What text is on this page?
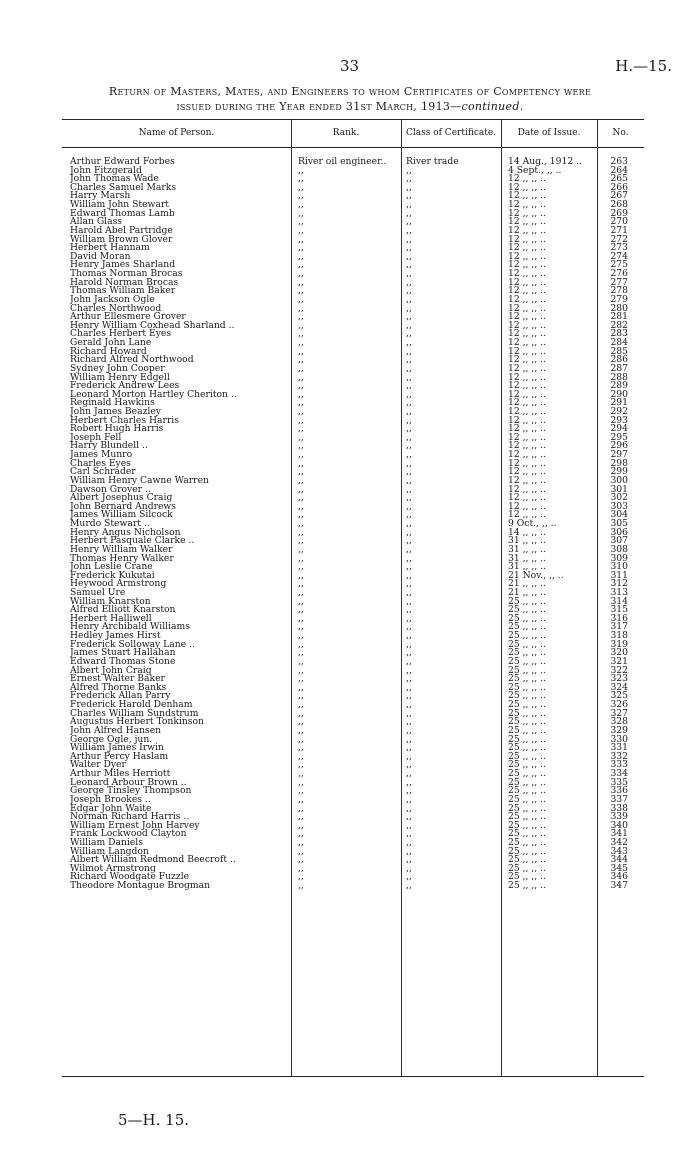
33	H.—15.
Return of Masters, Mates, and Engineers to whom Certificates of Competency were
issued during the Year ended 31st March, 1913—continued.
Name of Person.	Rank.	Class of Certificate.	Date of Issue.	No.
Arthur Edward Forbes	River oil engineer..	River trade	14 Aug., 1912 ..	263
John Fitzgerald	,,	,,	4 Sept., ,, ..	264
John Thomas Wade	,,	,,	12 ,, ,, ..	265
Charles Samuel Marks	,,	,,	12 ,, ,, ..	266
Harry Marsh	,,	,,	12 ,, ,, ..	267
William John Stewart	,,	,,	12 ,, ,, ..	268
Edward Thomas Lamb	,,	,,	12 ,, ,, ..	269
Allan Glass	,,	,,	12 ,, ,, ..	270
Harold Abel Partridge	,,	,,	12 ,, ,, ..	271
William Brown Glover	,,	,,	12 ,, ,, ..	272
Herbert Hannam	,,	,,	12 ,, ,, ..	273
David Moran	,,	,,	12 ,, ,, ..	274
Henry James Sharland	,,	,,	12 ,, ,, ..	275
Thomas Norman Brocas	,,	,,	12 ,, ,, ..	276
Harold Norman Brocas	,,	,,	12 ,, ,, ..	277
Thomas William Baker	,,	,,	12 ,, ,, ..	278
John Jackson Ogle	,,	,,	12 ,, ,, ..	279
Charles Northwood	,,	,,	12 ,, ,, ..	280
Arthur Ellesmere Grover	,,	,,	12 ,, ,, ..	281
Henry William Coxhead Sharland ..	,,	,,	12 ,, ,, ..	282
Charles Herbert Eyes	,,	,,	12 ,, ,, ..	283
Gerald John Lane	,,	,,	12 ,, ,, ..	284
Richard Howard	,,	,,	12 ,, ,, ..	285
Richard Alfred Northwood	,,	,,	12 ,, ,, ..	286
Sydney John Cooper	,,	,,	12 ,, ,, ..	287
William Henry Edgell	,,	,,	12 ,, ,, ..	288
Frederick Andrew Lees	,,	,,	12 ,, ,, ..	289
Leonard Morton Hartley Cheriton ..	,,	,,	12 ,, ,, ..	290
Reginald Hawkins	,,	,,	12 ,, ,, ..	291
John James Beazley	,,	,,	12 ,, ,, ..	292
Herbert Charles Harris	,,	,,	12 ,, ,, ..	293
Robert Hugh Harris	,,	,,	12 ,, ,, ..	294
Joseph Fell	,,	,,	12 ,, ,, ..	295
Harry Blundell ..	,,	,,	12 ,, ,, ..	296
James Munro	,,	,,	12 ,, ,, ..	297
Charles Eyes	,,	,,	12 ,, ,, ..	298
Carl Schrader	,,	,,	12 ,, ,, ..	299
William Henry Cawne Warren	,,	,,	12 ,, ,, ..	300
Dawson Grover ..	,,	,,	12 ,, ,, ..	301
Albert Josephus Craig	,,	,,	12 ,, ,, ..	302
John Bernard Andrews	,,	,,	12 ,, ,, ..	303
James William Silcock	,,	,,	12 ,, ,, ..	304
Murdo Stewart ..	,,	,,	9 Oct., ,, ..	305
Henry Angus Nicholson	,,	,,	14 ,, ,, ..	306
Herbert Pasquale Clarke ..	,,	,,	31 ,, ,, ..	307
Henry William Walker	,,	,,	31 ,, ,, ..	308
Thomas Henry Walker	,,	,,	31 ,, ,, ..	309
John Leslie Crane	,,	,,	31 ,, ,, ..	310
Frederick Kukutai	,,	,,	21 Nov., ,, ..	311
Heywood Armstrong	,,	,,	21 ,, ,, ..	312
Samuel Ure	,,	,,	21 ,, ,, ..	313
William Knarston	,,	,,	25 ,, ,, ..	314
Alfred Elliott Knarston	,,	,,	25 ,, ,, ..	315
Herbert Halliwell	,,	,,	25 ,, ,, ..	316
Henry Archibald Williams	,,	,,	25 ,, ,, ..	317
Hedley James Hirst	,,	,,	25 ,, ,, ..	318
Frederick Solloway Lane ..	,,	,,	25 ,, ,, ..	319
James Stuart Hallahan	,,	,,	25 ,, ,, ..	320
Edward Thomas Stone	,,	,,	25 ,, ,, ..	321
Albert John Craig	,,	,,	25 ,, ,, ..	322
Ernest Walter Baker	,,	,,	25 ,, ,, ..	323
Alfred Thorne Banks	,,	,,	25 ,, ,, ..	324
Frederick Allan Parry	,,	,,	25 ,, ,, ..	325
Frederick Harold Denham	,,	,,	25 ,, ,, ..	326
Charles William Sundstrum	,,	,,	25 ,, ,, ..	327
Augustus Herbert Tonkinson	,,	,,	25 ,, ,, ..	328
John Alfred Hansen	,,	,,	25 ,, ,, ..	329
George Ogle, jun.	,,	,,	25 ,, ,, ..	330
William James Irwin	,,	,,	25 ,, ,, ..	331
Arthur Percy Haslam	,,	,,	25 ,, ,, ..	332
Walter Dyer	,,	,,	25 ,, ,, ..	333
Arthur Miles Herriott	,,	,,	25 ,, ,, ..	334
Leonard Arbour Brown ..	,,	,,	25 ,, ,, ..	335
George Tinsley Thompson	,,	,,	25 ,, ,, ..	336
Joseph Brookes ..	,,	,,	25 ,, ,, ..	337
Edgar John Waite	,,	,,	25 ,, ,, ..	338
Norman Richard Harris ..	,,	,,	25 ,, ,, ..	339
William Ernest John Harvey	,,	,,	25 ,, ,, ..	340
Frank Lockwood Clayton	,,	,,	25 ,, ,, ..	341
William Daniels	,,	,,	25 ,, ,, ..	342
William Langdon	,,	,,	25 ,, ,, ..	343
Albert William Redmond Beecroft ..	,,	,,	25 ,, ,, ..	344
Wilmot Armstrong	,,	,,	25 ,, ,, ..	345
Richard Woodgate Fuzzle	,,	,,	25 ,, ,, ..	346
Theodore Montague Brogman	,,	,,	25 ,, ,, ..	347
5—H. 15.
